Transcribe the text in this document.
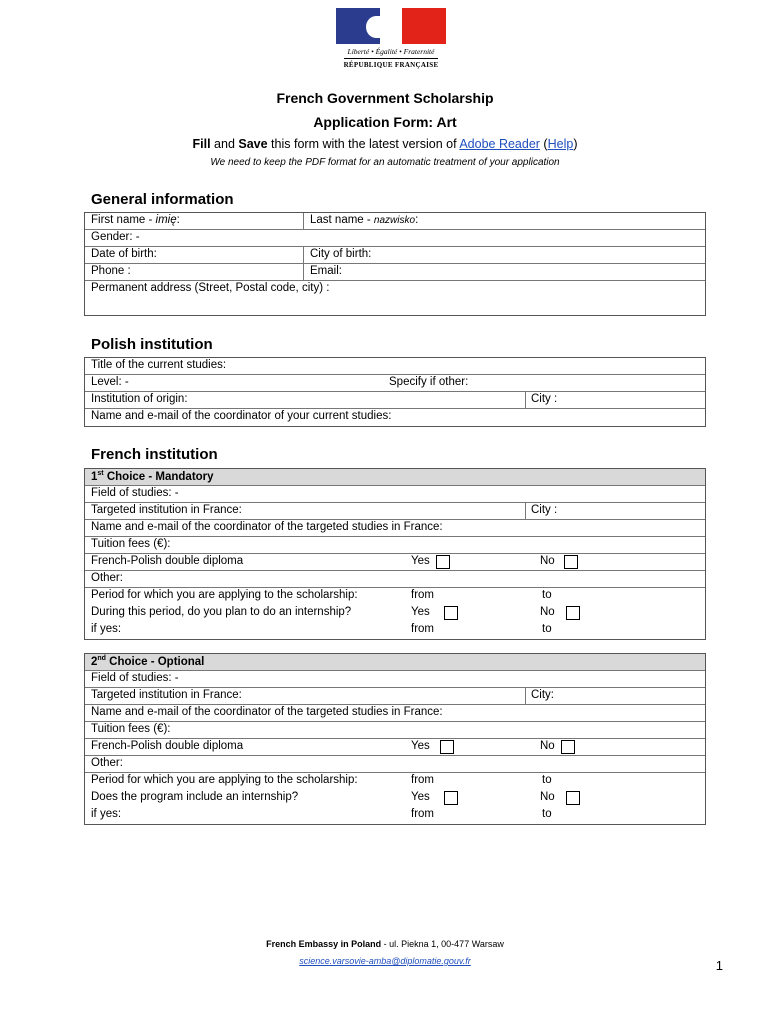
Liberté • Égalité • Fraternité
RÉPUBLIQUE FRANÇAISE
French Government Scholarship
Application Form: Art
Fill and Save this form with the latest version of Adobe Reader (Help)
We need to keep the PDF format for an automatic treatment of your application
General information
First name - imię:	Last name - nazwisko:
Gender: -
Date of birth:	City of birth:
Phone :	Email:
Permanent address (Street, Postal code, city) :
Polish institution
Title of the current studies:
Level: -	Specify if other:
Institution of origin:	City :
Name and e-mail of the coordinator of your current studies:
French institution
1st Choice - Mandatory
Field of studies: -
Targeted institution in France:	City :
Name and e-mail of the coordinator of the targeted studies in France:
Tuition fees (€):
French-Polish double diploma	Yes	No
Other:
Period for which you are applying to the scholarship:	from	to
During this period, do you plan to do an internship?	Yes	No
if yes:	from	to
2nd Choice - Optional
Field of studies: -
Targeted institution in France:	City:
Name and e-mail of the coordinator of the targeted studies in France:
Tuition fees (€):
French-Polish double diploma	Yes	No
Other:
Period for which you are applying to the scholarship:	from	to
Does the program include an internship?	Yes	No
if yes:	from	to
French Embassy in Poland - ul. Piekna 1, 00-477 Warsaw
science.varsovie-amba@diplomatie.gouv.fr	1
